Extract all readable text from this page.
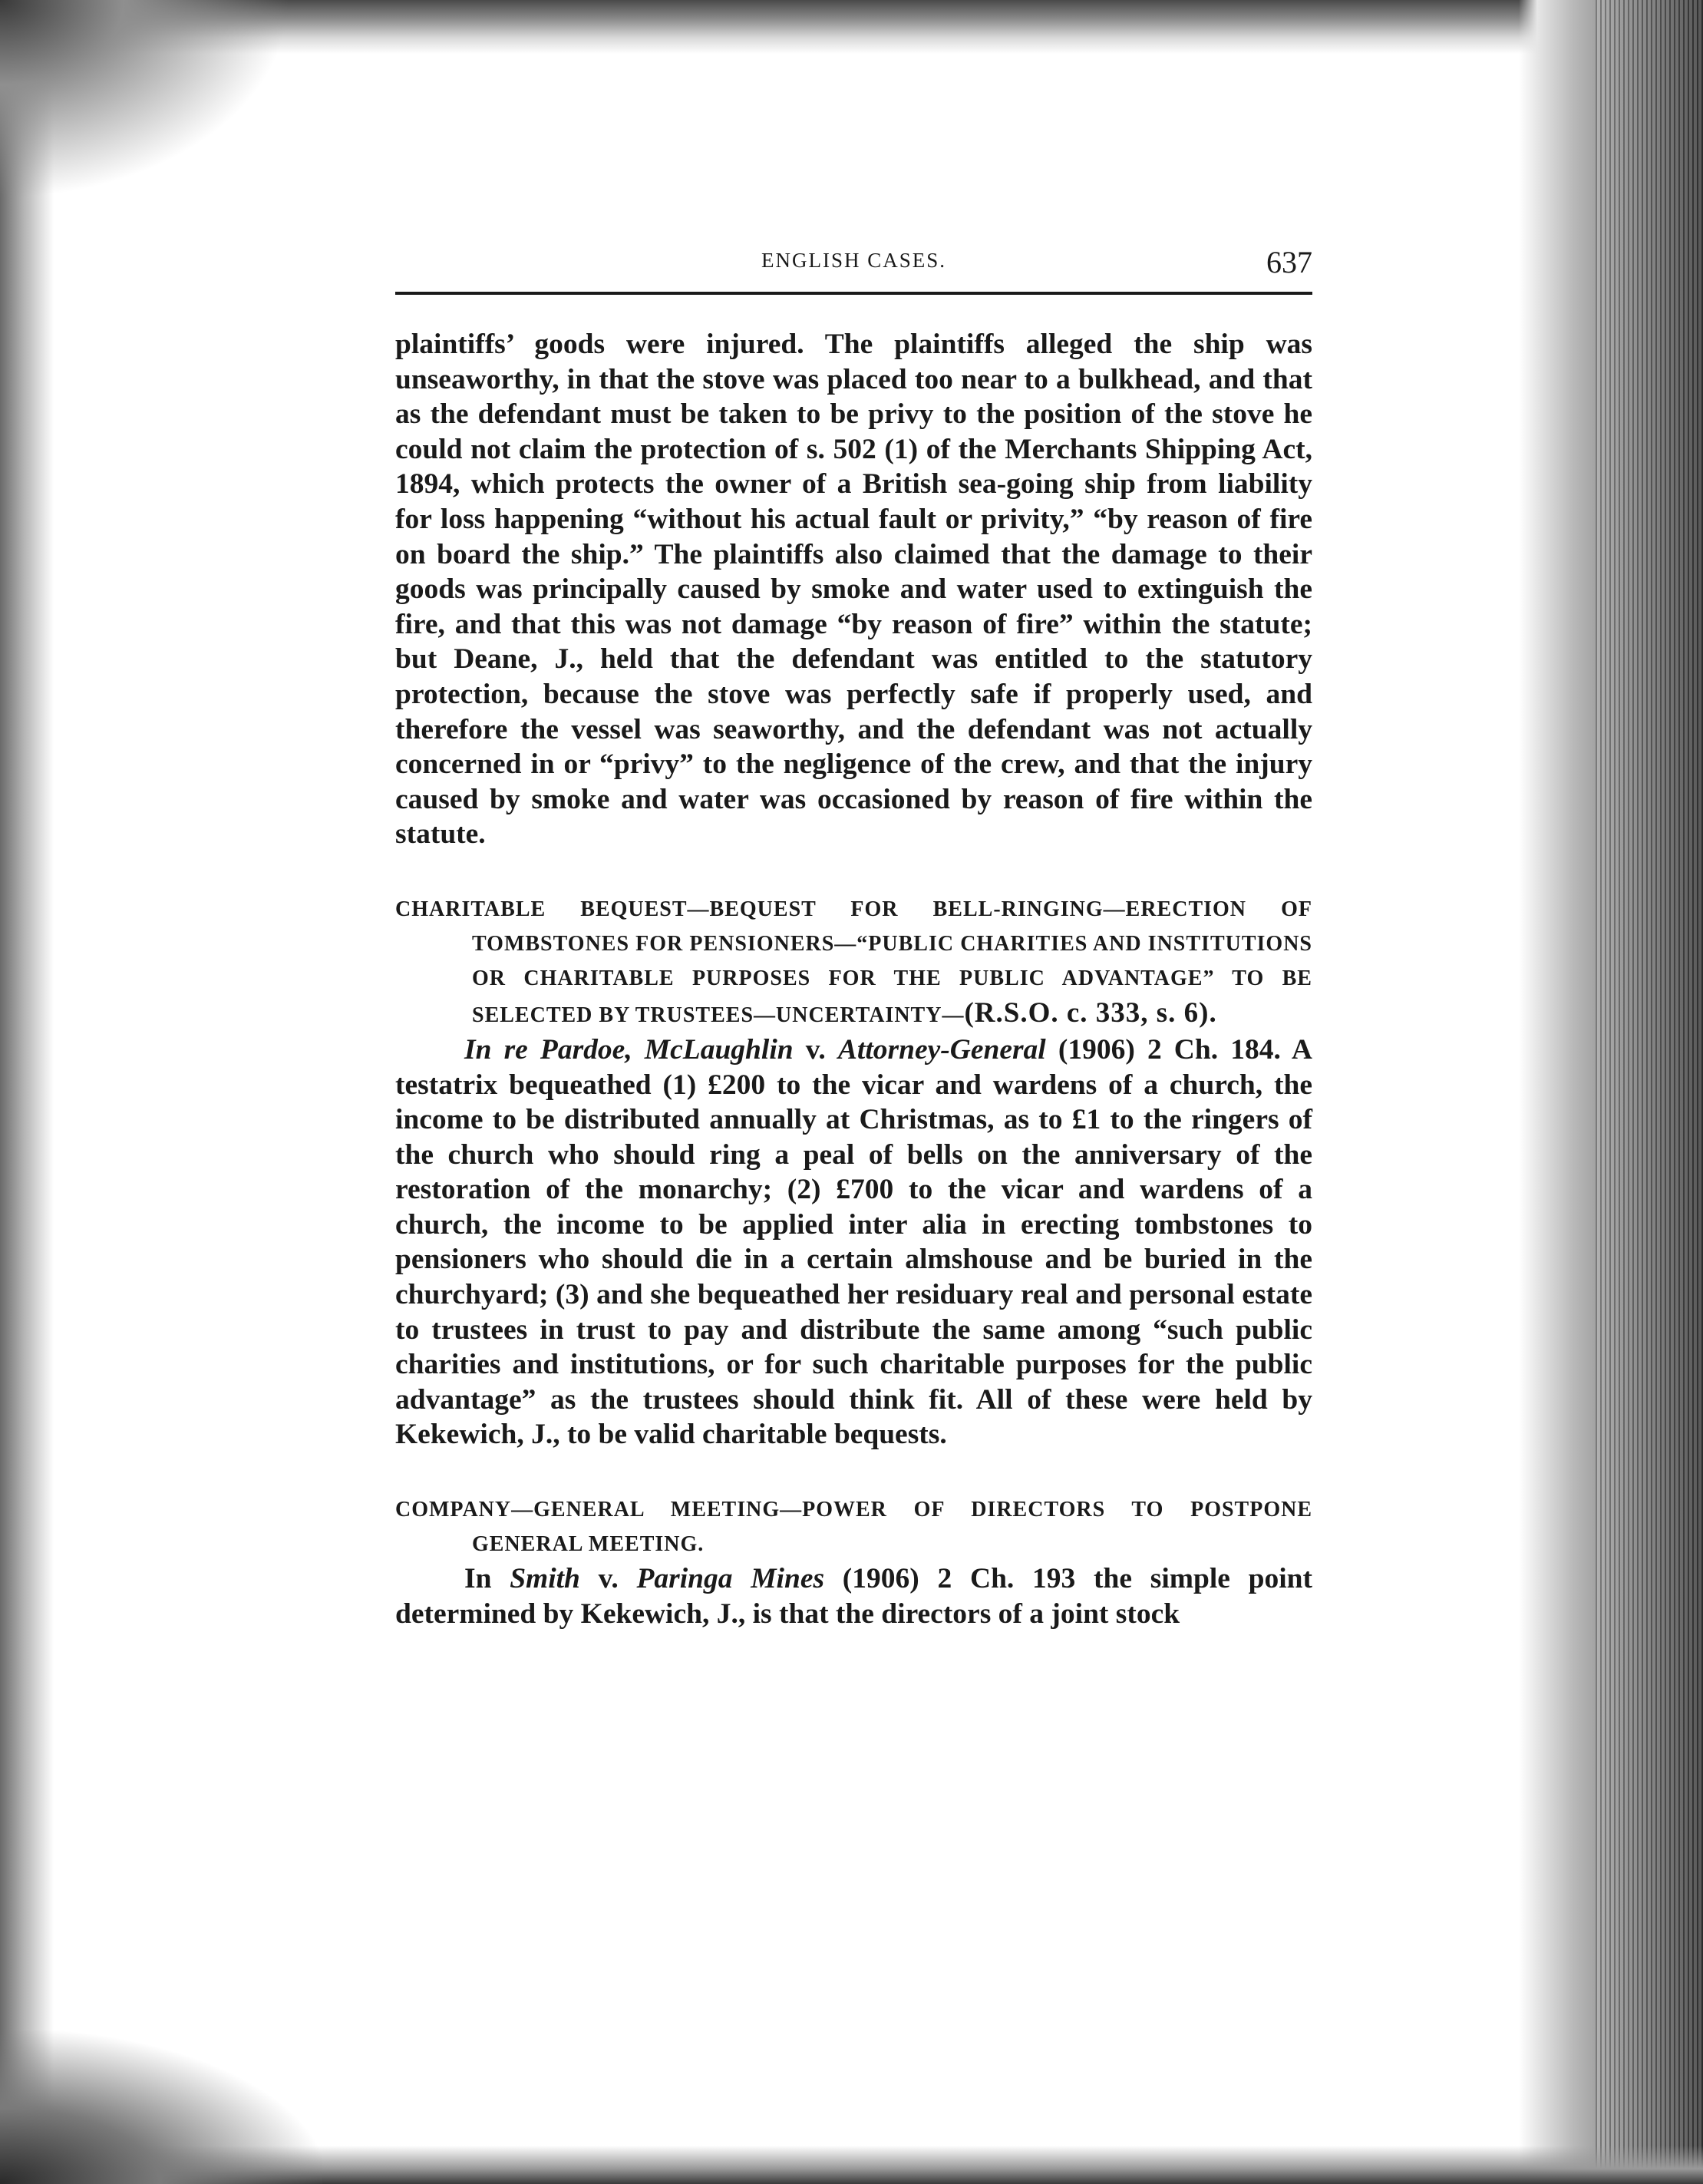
ENGLISH CASES.	637

plaintiffs’ goods were injured. The plaintiffs alleged the ship was unseaworthy, in that the stove was placed too near to a bulkhead, and that as the defendant must be taken to be privy to the position of the stove he could not claim the protection of s. 502 (1) of the Merchants Shipping Act, 1894, which protects the owner of a British sea-going ship from liability for loss happening “without his actual fault or privity,” “by reason of fire on board the ship.” The plaintiffs also claimed that the damage to their goods was principally caused by smoke and water used to extinguish the fire, and that this was not damage “by reason of fire” within the statute; but Deane, J., held that the defendant was entitled to the statutory protection, because the stove was perfectly safe if properly used, and therefore the vessel was seaworthy, and the defendant was not actually concerned in or “privy” to the negligence of the crew, and that the injury caused by smoke and water was occasioned by reason of fire within the statute.

CHARITABLE BEQUEST—BEQUEST FOR BELL-RINGING—ERECTION OF TOMBSTONES FOR PENSIONERS—“PUBLIC CHARITIES AND INSTITUTIONS OR CHARITABLE PURPOSES FOR THE PUBLIC ADVANTAGE” TO BE SELECTED BY TRUSTEES—UNCERTAINTY—(R.S.O. c. 333, s. 6).

In re Pardoe, McLaughlin v. Attorney-General (1906) 2 Ch. 184. A testatrix bequeathed (1) £200 to the vicar and wardens of a church, the income to be distributed annually at Christmas, as to £1 to the ringers of the church who should ring a peal of bells on the anniversary of the restoration of the monarchy; (2) £700 to the vicar and wardens of a church, the income to be applied inter alia in erecting tombstones to pensioners who should die in a certain almshouse and be buried in the churchyard; (3) and she bequeathed her residuary real and personal estate to trustees in trust to pay and distribute the same among “such public charities and institutions, or for such charitable purposes for the public advantage” as the trustees should think fit. All of these were held by Kekewich, J., to be valid charitable bequests.

COMPANY—GENERAL MEETING—POWER OF DIRECTORS TO POSTPONE GENERAL MEETING.

In Smith v. Paringa Mines (1906) 2 Ch. 193 the simple point determined by Kekewich, J., is that the directors of a joint stock
